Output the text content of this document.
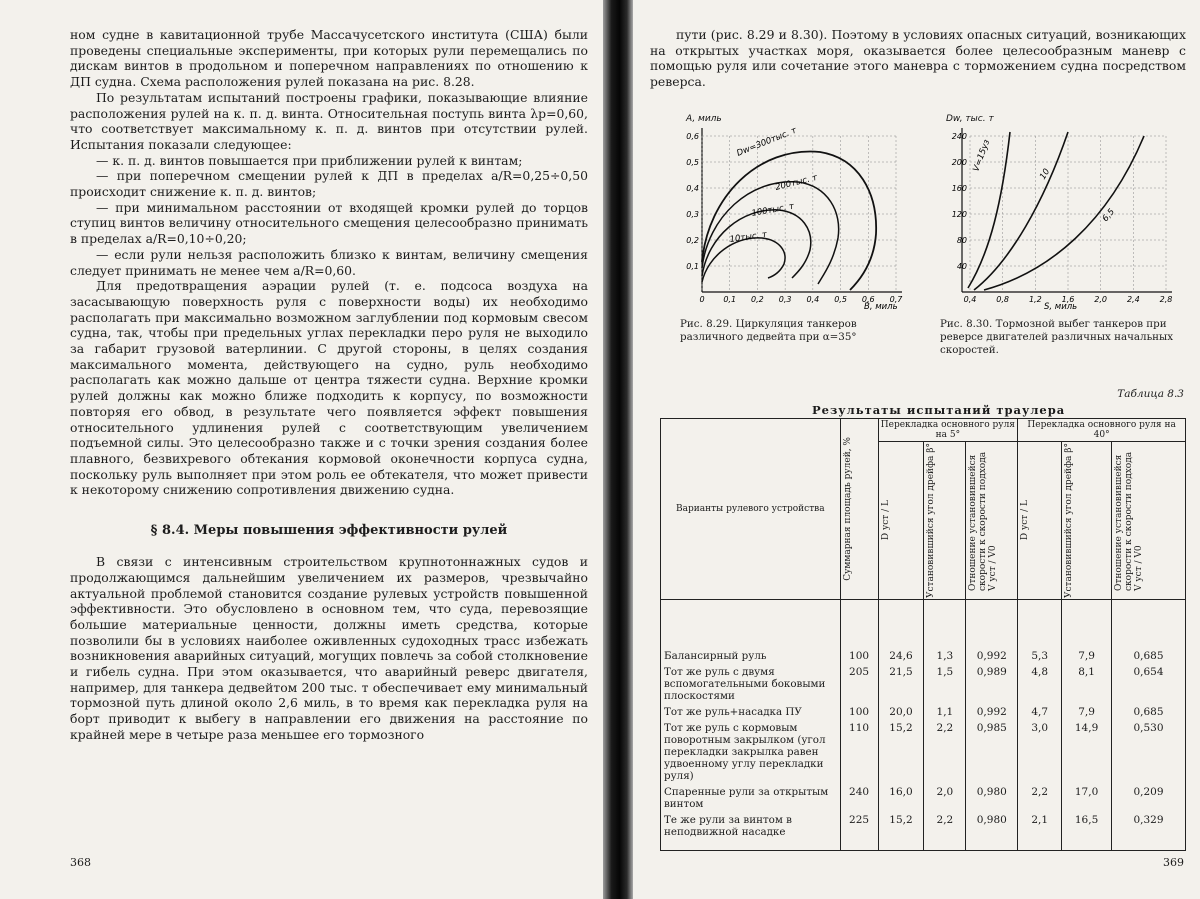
ном судне в кавитационной трубе Массачусетского института (США) были проведены специальные эксперименты, при которых рули перемещались по дискам винтов в продольном и поперечном направлениях по отношению к ДП судна. Схема расположения рулей показана на рис. 8.28.

По результатам испытаний построены графики, показывающие влияние расположения рулей на к. п. д. винта. Относительная поступь винта λр=0,60, что соответствует максимальному к. п. д. винтов при отсутствии рулей. Испытания показали следующее:

— к. п. д. винтов повышается при приближении рулей к винтам;

— при поперечном смещении рулей к ДП в пределах a/R=0,25÷0,50 происходит снижение к. п. д. винтов;

— при минимальном расстоянии от входящей кромки рулей до торцов ступиц винтов величину относительного смещения целесообразно принимать в пределах a/R=0,10÷0,20;

— если рули нельзя расположить близко к винтам, величину смещения следует принимать не менее чем a/R=0,60.

Для предотвращения аэрации рулей (т. е. подсоса воздуха на засасывающую поверхность руля с поверхности воды) их необходимо располагать при максимально возможном заглублении под кормовым свесом судна, так, чтобы при предельных углах перекладки перо руля не выходило за габарит грузовой ватерлинии. С другой стороны, в целях создания максимального момента, действующего на судно, руль необходимо располагать как можно дальше от центра тяжести судна. Верхние кромки рулей должны как можно ближе подходить к корпусу, по возможности повторяя его обвод, в результате чего появляется эффект повышения относительного удлинения рулей с соответствующим увеличением подъемной силы. Это целесообразно также и с точки зрения создания более плавного, безвихревого обтекания кормовой оконечности корпуса судна, поскольку руль выполняет при этом роль ее обтекателя, что может привести к некоторому снижению сопротивления движению судна.

§ 8.4. Меры повышения эффективности рулей

В связи с интенсивным строительством крупнотоннажных судов и продолжающимся дальнейшим увеличением их размеров, чрезвычайно актуальной проблемой становится создание рулевых устройств повышенной эффективности. Это обусловлено в основном тем, что суда, перевозящие большие материальные ценности, должны иметь средства, которые позволили бы в условиях наиболее оживленных судоходных трасс избежать возникновения аварийных ситуаций, могущих повлечь за собой столкновение и гибель судна. При этом оказывается, что аварийный реверс двигателя, например, для танкера дедвейтом 200 тыс. т обеспечивает ему минимальный тормозной путь длиной около 2,6 миль, в то время как перекладка руля на борт приводит к выбегу в направлении его движения на расстояние по крайней мере в четыре раза меньшее его тормозного

368

пути (рис. 8.29 и 8.30). Поэтому в условиях опасных ситуаций, возникающих на открытых участках моря, оказывается более целесообразным маневр с помощью руля или сочетание этого маневра с торможением судна посредством реверса.

A, миль
0,6
0,5
0,4
0,3
0,2
0,1
0 0,1 0,2 0,3 0,4 0,5 0,6 0,7
Dw=300тыс. т
200тыс. т
100тыс. т
10тыс. т
В, миль

Рис. 8.29. Циркуляция танкеров различного дедвейта при α=35°

Dw, тыс. т
240
200
160
120
80
40
0,4 0,8 1,2 1,6 2,0 2,4 2,8
V=15уз
10
6,5
S, миль

Рис. 8.30. Тормозной выбег танкеров при реверсе двигателей различных начальных скоростей.

Таблица 8.3
Результаты испытаний траулера
Варианты рулевого устройства	Суммарная площадь рулей, %	Перекладка основного руля на 5°			Перекладка основного руля на 40°		

		D уст / L	Установившийся угол дрейфа β°	Отношение установившейся скорости к скорости подхода V уст / V0	D уст / L	Установившийся угол дрейфа β°	Отношение установившейся скорости к скорости подхода V уст / V0

Балансирный руль	100	24,6	1,3	0,992	5,3	7,9	0,685
Тот же руль с двумя вспомогательными боковыми плоскостями	205	21,5	1,5	0,989	4,8	8,1	0,654
Тот же руль+насадка ПУ	100	20,0	1,1	0,992	4,7	7,9	0,685
Тот же руль с кормовым поворотным закрылком (угол перекладки закрылка равен удвоенному углу перекладки руля)	110	15,2	2,2	0,985	3,0	14,9	0,530
Спаренные рули за открытым винтом	240	16,0	2,0	0,980	2,2	17,0	0,209
Те же рули за винтом в неподвижной насадке	225	15,2	2,2	0,980	2,1	16,5	0,329
369
